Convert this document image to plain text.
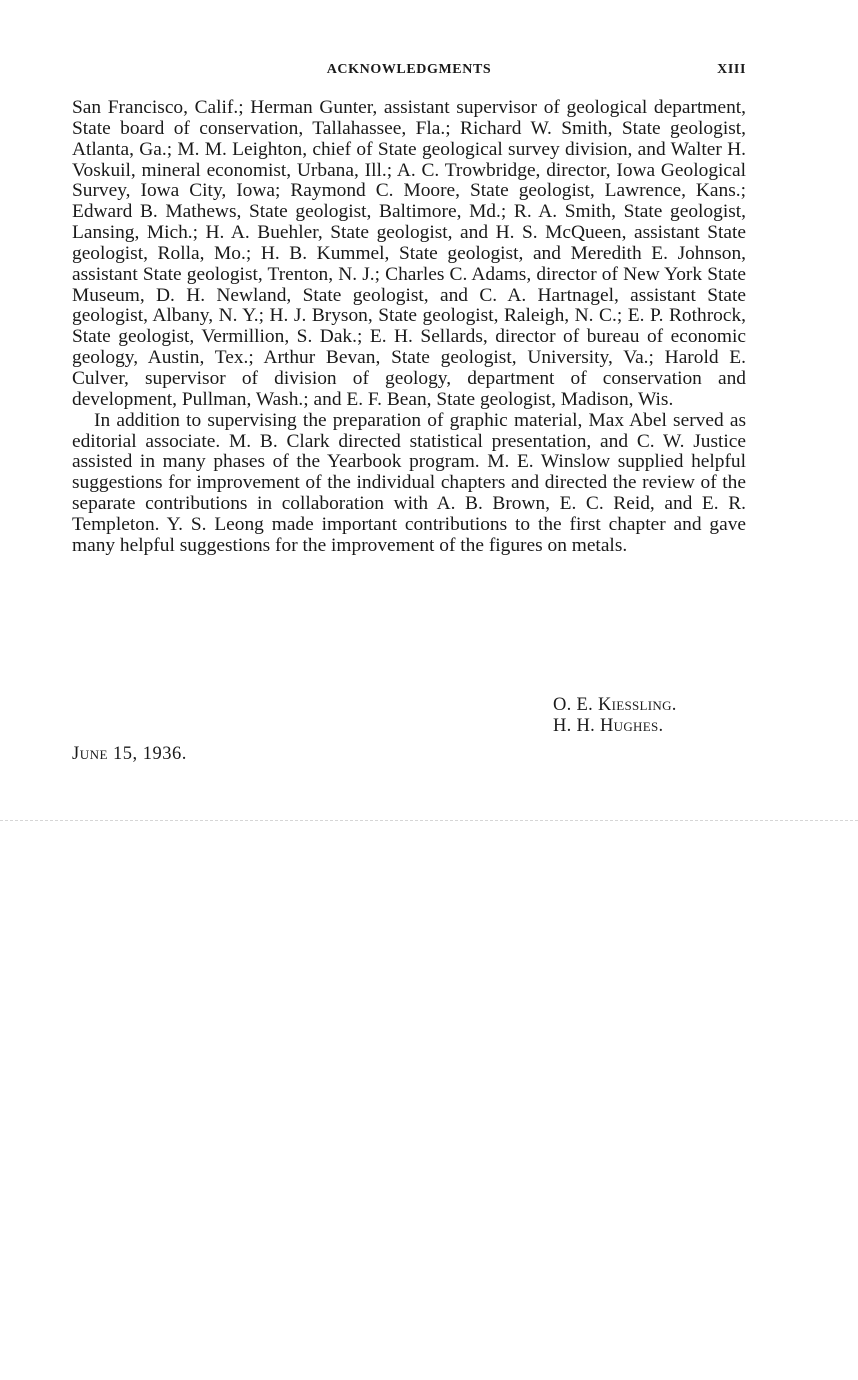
ACKNOWLEDGMENTS	XIII

San Francisco, Calif.; Herman Gunter, assistant supervisor of geological department, State board of conservation, Tallahassee, Fla.; Richard W. Smith, State geologist, Atlanta, Ga.; M. M. Leighton, chief of State geological survey division, and Walter H. Voskuil, mineral economist, Urbana, Ill.; A. C. Trowbridge, director, Iowa Geological Survey, Iowa City, Iowa; Raymond C. Moore, State geologist, Lawrence, Kans.; Edward B. Mathews, State geologist, Baltimore, Md.; R. A. Smith, State geologist, Lansing, Mich.; H. A. Buehler, State geologist, and H. S. McQueen, assistant State geologist, Rolla, Mo.; H. B. Kummel, State geologist, and Meredith E. Johnson, assistant State geologist, Trenton, N. J.; Charles C. Adams, director of New York State Museum, D. H. Newland, State geologist, and C. A. Hartnagel, assistant State geologist, Albany, N. Y.; H. J. Bryson, State geologist, Raleigh, N. C.; E. P. Rothrock, State geologist, Vermillion, S. Dak.; E. H. Sellards, director of bureau of economic geology, Austin, Tex.; Arthur Bevan, State geologist, University, Va.; Harold E. Culver, supervisor of division of geology, department of conservation and development, Pullman, Wash.; and E. F. Bean, State geologist, Madison, Wis.

In addition to supervising the preparation of graphic material, Max Abel served as editorial associate. M. B. Clark directed statistical presentation, and C. W. Justice assisted in many phases of the Yearbook program. M. E. Winslow supplied helpful suggestions for improvement of the individual chapters and directed the review of the separate contributions in collaboration with A. B. Brown, E. C. Reid, and E. R. Templeton. Y. S. Leong made important contributions to the first chapter and gave many helpful suggestions for the improvement of the figures on metals.

O. E. Kiessling.
H. H. Hughes.
June 15, 1936.
